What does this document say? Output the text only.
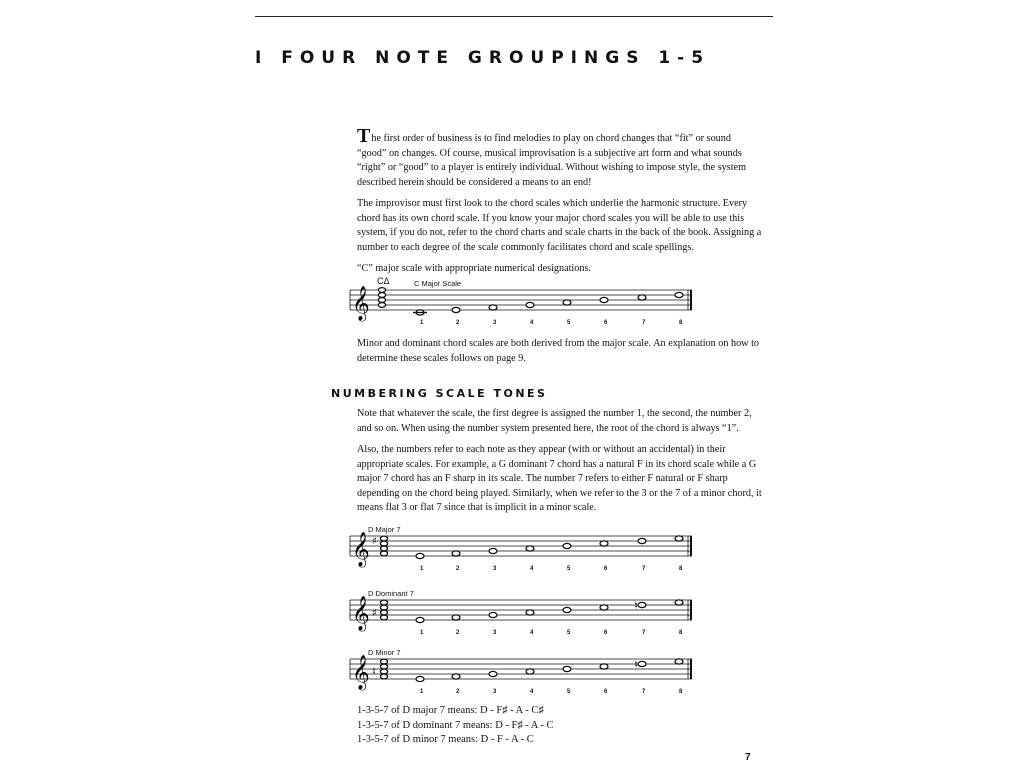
I FOUR NOTE GROUPINGS 1-5

The first order of business is to find melodies to play on chord changes that “fit” or sound “good” on changes. Of course, musical improvisation is a subjective art form and what sounds “right” or “good” to a player is entirely individual. Without wishing to impose style, the system described herein should be considered a means to an end!

The improvisor must first look to the chord scales which underlie the harmonic structure. Every chord has its own chord scale. If you know your major chord scales you will be able to use this system, if you do not, refer to the chord charts and scale charts in the back of the book. Assigning a number to each degree of the scale commonly facilitates chord and scale spellings.

“C” major scale with appropriate numerical designations.

CΔ	C Major Scale
𝄞
1	2	3	4	5	6	7	8

Minor and dominant chord scales are both derived from the major scale. An explanation on how to determine these scales follows on page 9.

NUMBERING SCALE TONES

Note that whatever the scale, the first degree is assigned the number 1, the second, the number 2, and so on. When using the number system presented here, the root of the chord is always “1”.

Also, the numbers refer to each note as they appear (with or without an accidental) in their appropriate scales. For example, a G dominant 7 chord has a natural F in its chord scale while a G major 7 chord has an F sharp in its scale. The number 7 refers to either F natural or F sharp depending on the chord being played. Similarly, when we refer to the 3 or the 7 of a minor chord, it means flat 3 or flat 7 since that is implicit in a minor scale.

D Major 7
𝄞 ♯
1	2	3	4	5	6	7	8
D Dominant 7
𝄞 ♯
♮
1	2	3	4	5	6	7	8
D Minor 7
𝄞 ♮
♮
1	2	3	4	5	6	7	8
1-3-5-7 of D major 7 means: D - F♯ - A - C♯
1-3-5-7 of D dominant 7 means: D - F♯ - A - C
1-3-5-7 of D minor 7 means: D - F - A - C
7
